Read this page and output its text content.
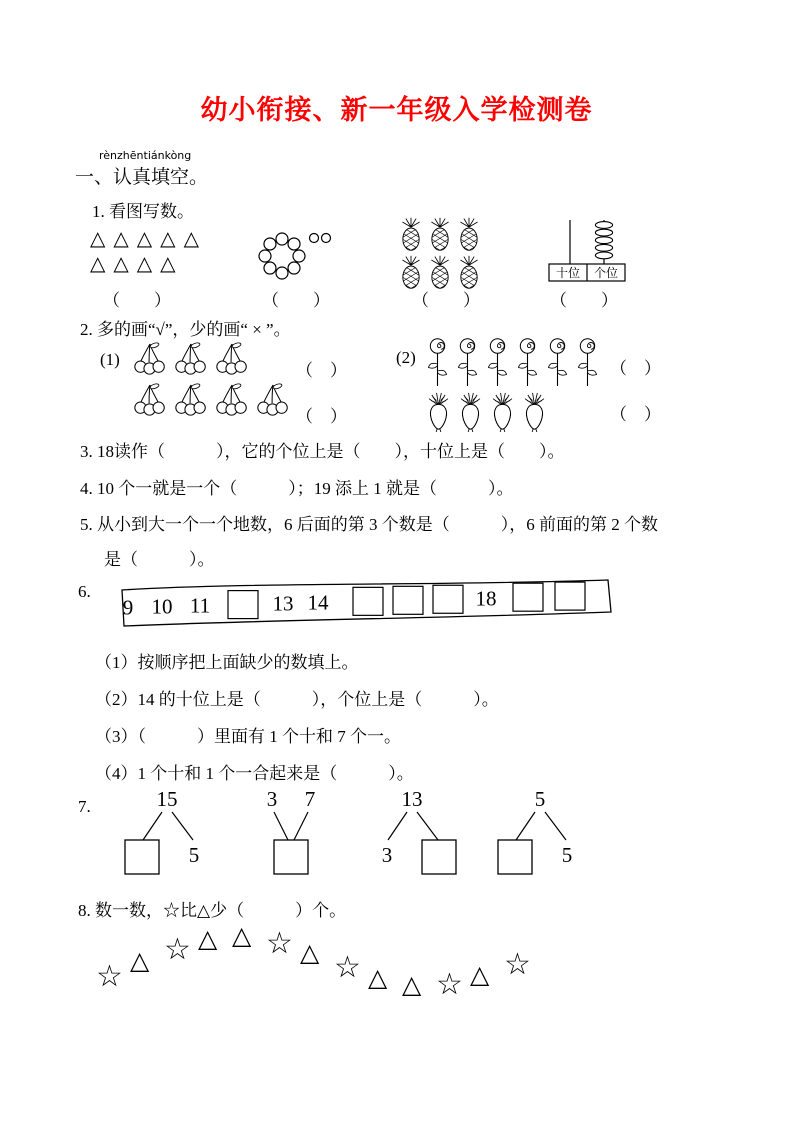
幼小衔接、新一年级入学检测卷
rènzhēntiánkòng
一、认真填空。
1. 看图写数。
△ △ △ △ △
△ △ △ △	十位 个位
（　　）	（　　）	（　　）	（　　）
2. 多的画“√”，少的画“ × ”。
(1)
（　）
（　）
(2)
（　）
（　）
3. 18读作（　　　），它的个位上是（　　），十位上是（　　）。
4. 10 个一就是一个（　　　）；19 添上 1 就是（　　　）。
5. 从小到大一个一个地数，6 后面的第 3 个数是（　　　），6 前面的第 2 个数
是（　　　）。
6.
9 10 11	13 14	18
（1）按顺序把上面缺少的数填上。
（2）14 的十位上是（　　　），个位上是（　　　）。
（3）（　　　）里面有 1 个十和 7 个一。
（4）1 个十和 1 个一合起来是（　　　）。
7.	15
5
3 7	13
3
5
5
8. 数一数，☆比△少（　　　）个。
☆ △ ☆ △ △ ☆ △ ☆ △ △ ☆ △ ☆
